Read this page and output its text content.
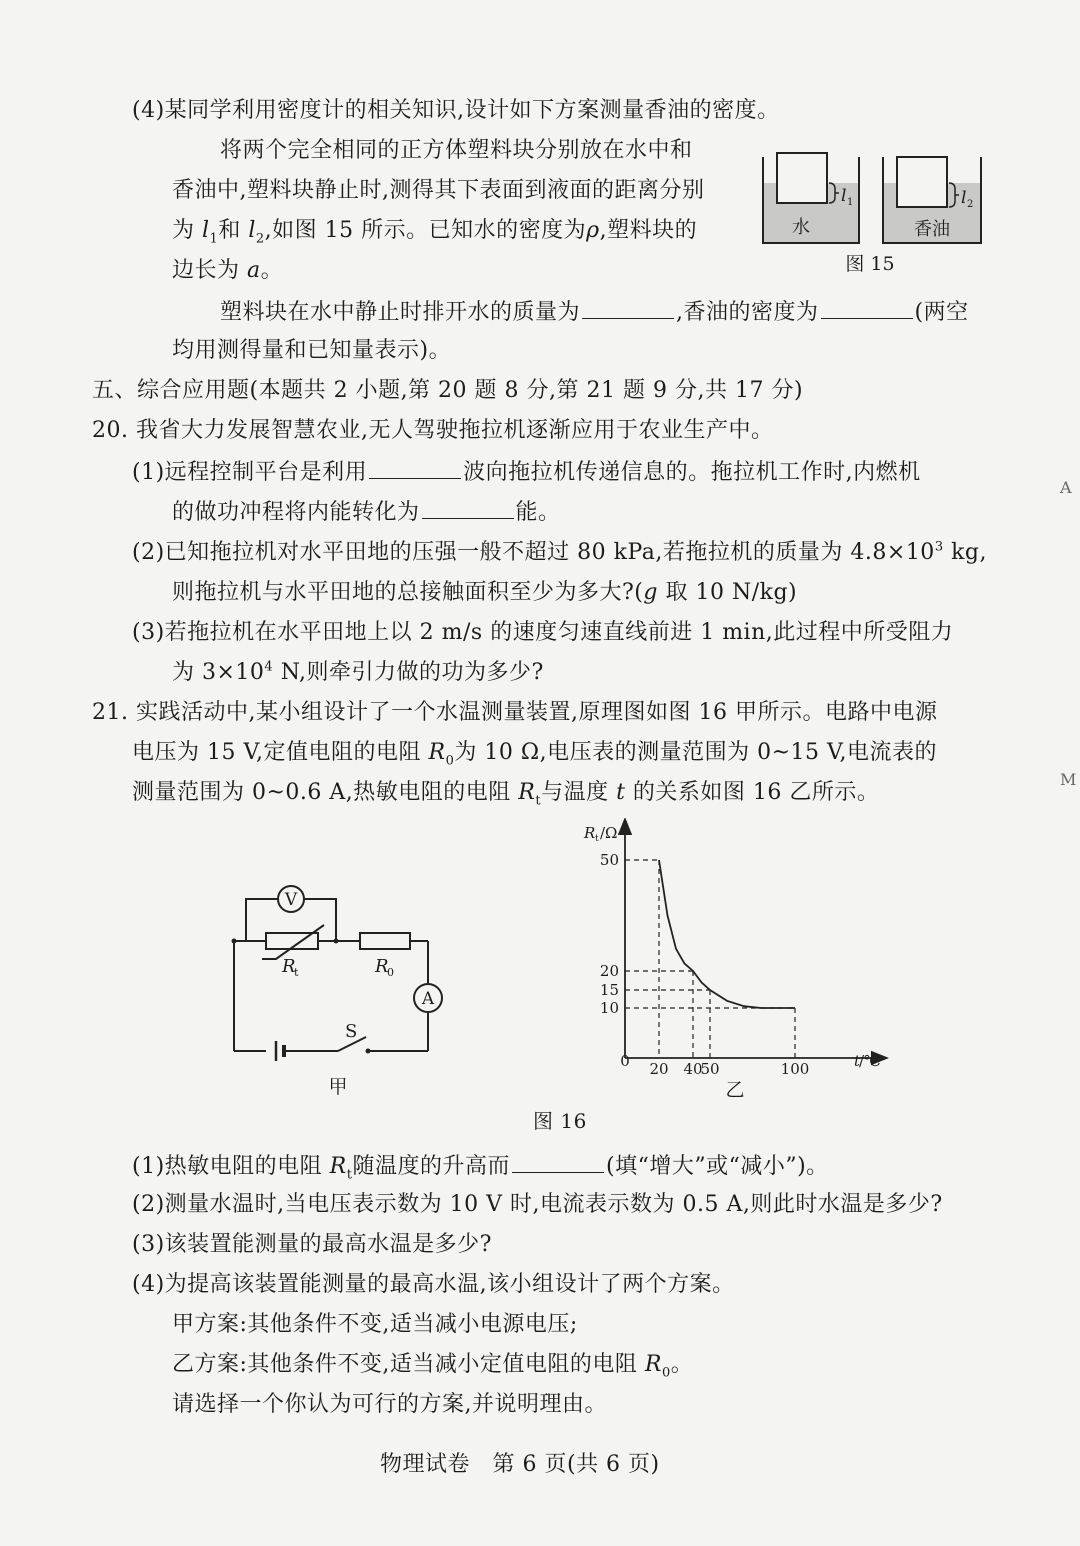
(4)某同学利用密度计的相关知识,设计如下方案测量香油的密度。
将两个完全相同的正方体塑料块分别放在水中和
香油中,塑料块静止时,测得其下表面到液面的距离分别
为 $l_1$和 $l_2$,如图 15 所示。已知水的密度为ρ,塑料块的
边长为 a。
塑料块在水中静止时排开水的质量为	,香油的密度为	(两空
均用测得量和已知量表示)。
l 1
水
l 2
香油
图 15
五、综合应用题(本题共 2 小题,第 20 题 8 分,第 21 题 9 分,共 17 分)
20. 我省大力发展智慧农业,无人驾驶拖拉机逐渐应用于农业生产中。
(1)远程控制平台是利用	波向拖拉机传递信息的。拖拉机工作时,内燃机
的做功冲程将内能转化为	能。
(2)已知拖拉机对水平田地的压强一般不超过 80 kPa,若拖拉机的质量为 $4.8\times 10^3$ kg,
则拖拉机与水平田地的总接触面积至少为多大?(g 取 10 N/kg)
(3)若拖拉机在水平田地上以 2 m/s 的速度匀速直线前进 1 min,此过程中所受阻力
为 $3\times 10^4$ N,则牵引力做的功为多少?
21. 实践活动中,某小组设计了一个水温测量装置,原理图如图 16 甲所示。电路中电源
电压为 15 V,定值电阻的电阻 $R_0$为 10 Ω,电压表的测量范围为 0~15 V,电流表的
测量范围为 0~0.6 A,热敏电阻的电阻 $R_t$与温度 t 的关系如图 16 乙所示。
V
A
S
R
t	R
0
甲
20 40
50	100
10
15
20
50
R t /Ω
t
/℃
0
乙
图 16
(1)热敏电阻的电阻 $R_t$随温度的升高而	(填“增大”或“减小”)。
(2)测量水温时,当电压表示数为 10 V 时,电流表示数为 0.5 A,则此时水温是多少?
(3)该装置能测量的最高水温是多少?
(4)为提高该装置能测量的最高水温,该小组设计了两个方案。
甲方案:其他条件不变,适当减小电源电压;
乙方案:其他条件不变,适当减小定值电阻的电阻 $R_0$。
请选择一个你认为可行的方案,并说明理由。
物理试卷　第 6 页(共 6 页)
A
M
